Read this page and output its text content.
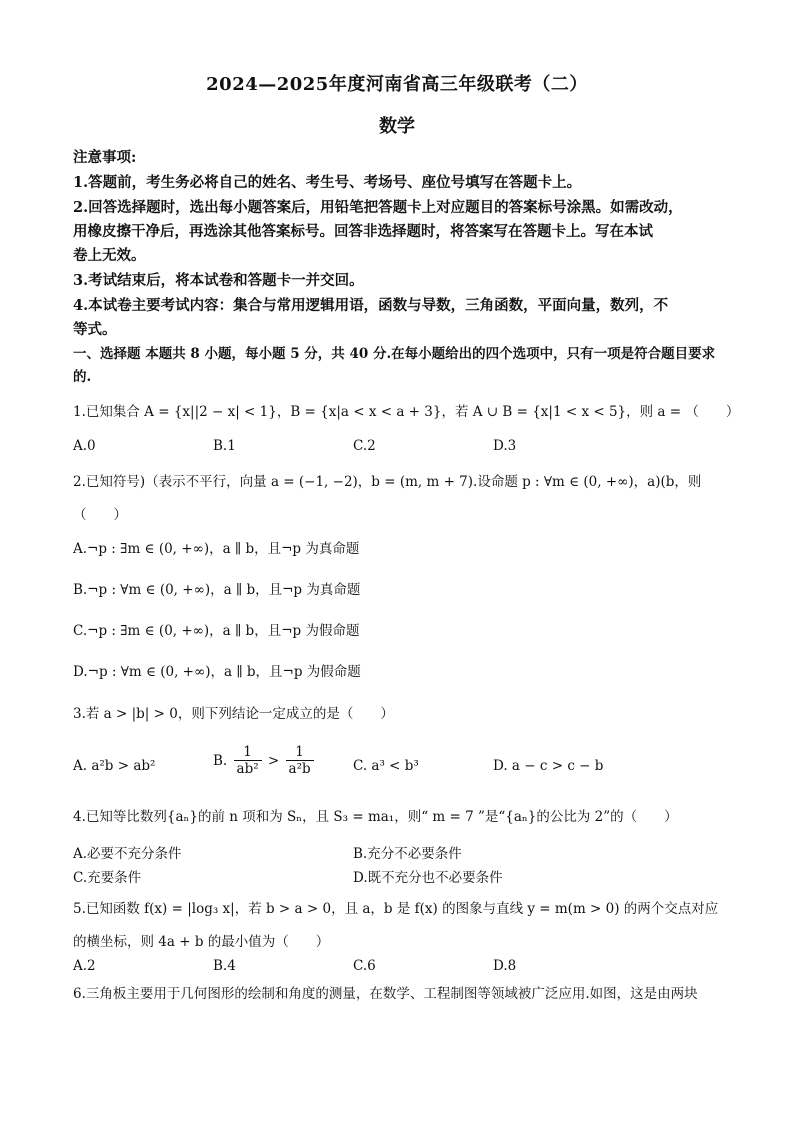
2024—2025年度河南省高三年级联考（二）
数学
注意事项:
1.答题前，考生务必将自己的姓名、考生号、考场号、座位号填写在答题卡上。
2.回答选择题时，选出每小题答案后，用铅笔把答题卡上对应题目的答案标号涂黑。如需改动，
用橡皮擦干净后，再选涂其他答案标号。回答非选择题时，将答案写在答题卡上。写在本试
卷上无效。
3.考试结束后，将本试卷和答题卡一并交回。
4.本试卷主要考试内容：集合与常用逻辑用语，函数与导数，三角函数，平面向量，数列，不
等式。
一、选择题 本题共 8 小题，每小题 5 分，共 40 分.在每小题给出的四个选项中，只有一项是符合题目要求
的.
1.已知集合 A = {x||2 − x| < 1}，B = {x|a < x < a + 3}，若 A ∪ B = {x|1 < x < 5}，则 a = （　　）
A.0	B.1	C.2	D.3
2.已知符号)（表示不平行，向量 a = (−1, −2)，b = (m, m + 7).设命题 p : ∀m ∈ (0, +∞)，a)(b，则
（　　）
A.¬p : ∃m ∈ (0, +∞)，a ∥ b，且¬p 为真命题
B.¬p : ∀m ∈ (0, +∞)，a ∥ b，且¬p 为真命题
C.¬p : ∃m ∈ (0, +∞)，a ∥ b，且¬p 为假命题
D.¬p : ∀m ∈ (0, +∞)，a ∥ b，且¬p 为假命题
3.若 a > |b| > 0，则下列结论一定成立的是（　　）
A. a²b > ab²	B. $\frac{1}{\text{ab²}} > \frac{1}{\text{a²b}}$	C. a³ < b³	D. a − c > c − b
4.已知等比数列{aₙ}的前 n 项和为 Sₙ，且 S₃ = ma₁，则“ m = 7 ”是“{aₙ}的公比为 2”的（　　）
A.必要不充分条件	B.充分不必要条件
C.充要条件	D.既不充分也不必要条件
5.已知函数 f(x) = |log₃ x|，若 b > a > 0，且 a，b 是 f(x) 的图象与直线 y = m(m > 0) 的两个交点对应
的横坐标，则 4a + b 的最小值为（　　）
A.2	B.4	C.6	D.8
6.三角板主要用于几何图形的绘制和角度的测量，在数学、工程制图等领域被广泛应用.如图，这是由两块
